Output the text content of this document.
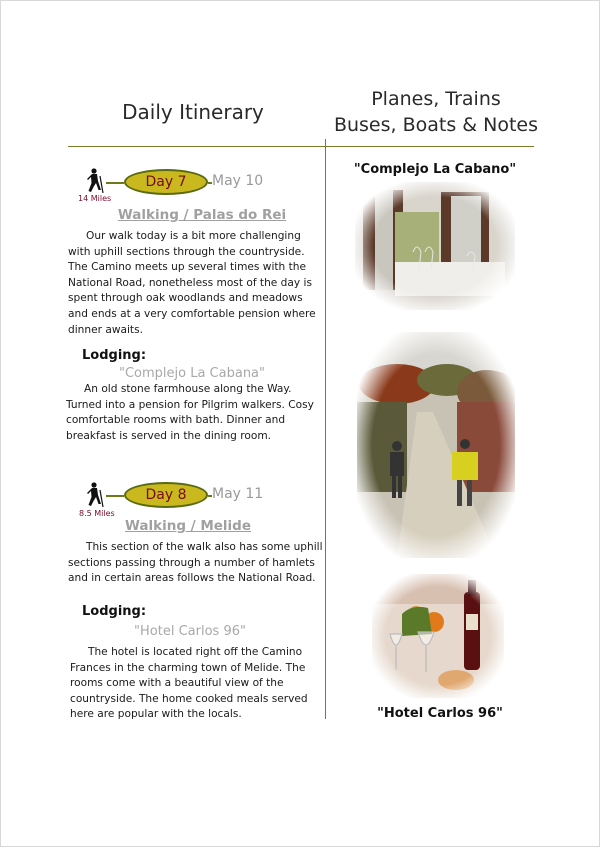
Daily Itinerary
Planes, Trains
Buses, Boats & Notes
14 Miles
Day 7	May 10
Walking / Palas do Rei
Our walk today is a bit more challenging with uphill sections through the countryside. The Camino meets up several times with the National Road, nonetheless most of the day is spent through oak woodlands and meadows and ends at a very comfortable pension where dinner awaits.
Lodging:
"Complejo La Cabana"
An old stone farmhouse along the Way. Turned into a pension for Pilgrim walkers. Cosy comfortable rooms with bath. Dinner and breakfast is served in the dining room.
8.5 Miles
Day 8	May 11
Walking / Melide
This section of the walk also has some uphill sections passing through a number of hamlets and in certain areas follows the National Road.
Lodging:
"Hotel Carlos 96"
The hotel is located right off the Camino Frances in the charming town of Melide. The rooms come with a beautiful view of the countryside. The home cooked meals served here are popular with the locals.
"Complejo La Cabano"
"Hotel Carlos 96"
